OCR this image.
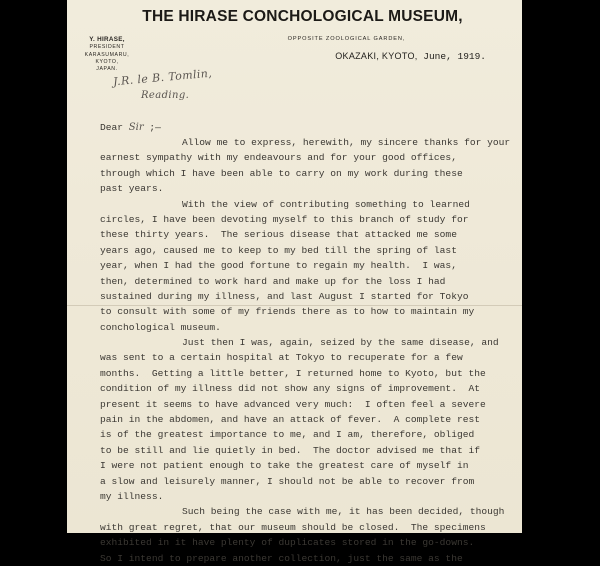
THE HIRASE CONCHOLOGICAL MUSEUM,
Y. HIRASE, PRESIDENT
KARASUMARU,
KYOTO,
JAPAN.
OPPOSITE ZOOLOGICAL GARDEN,
OKAZAKI, KYOTO, June, 1919.
J.R. le B. Tomlin,
Reading.
Dear Sir ;—

Allow me to express, herewith, my sincere thanks for your
earnest sympathy with my endeavours and for your good offices,
through which I have been able to carry on my work during these
past years.

With the view of contributing something to learned
circles, I have been devoting myself to this branch of study for
these thirty years.  The serious disease that attacked me some
years ago, caused me to keep to my bed till the spring of last
year, when I had the good fortune to regain my health.  I was,
then, determined to work hard and make up for the loss I had
sustained during my illness, and last August I started for Tokyo
to consult with some of my friends there as to how to maintain my
conchological museum.

Just then I was, again, seized by the same disease, and
was sent to a certain hospital at Tokyo to recuperate for a few
months.  Getting a little better, I returned home to Kyoto, but the
condition of my illness did not show any signs of improvement.  At
present it seems to have advanced very much:  I often feel a severe
pain in the abdomen, and have an attack of fever.  A complete rest
is of the greatest importance to me, and I am, therefore, obliged
to be still and lie quietly in bed.  The doctor advised me that if
I were not patient enough to take the greatest care of myself in
a slow and leisurely manner, I should not be able to recover from
my illness.

Such being the case with me, it has been decided, though
with great regret, that our museum should be closed.  The specimens
exhibited in it have plenty of duplicates stored in the go-downs.
So I intend to prepare another collection, just the same as the
